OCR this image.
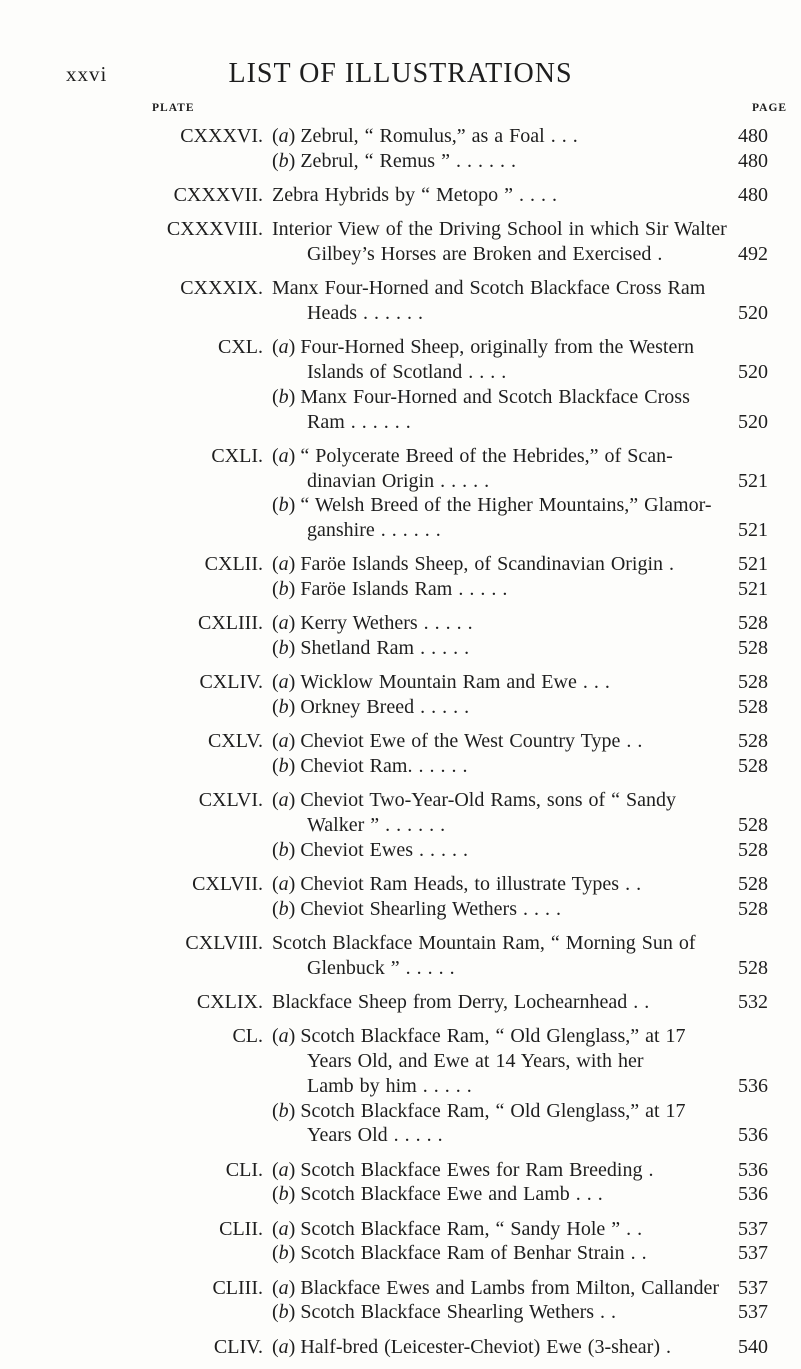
xxvi	LIST OF ILLUSTRATIONS
PLATE	PAGE
CXXXVI. (a) Zebrul, “ Romulus,” as a Foal . . .	480
(b) Zebrul, “ Remus ” . . . . . .	480
CXXXVII. Zebra Hybrids by “ Metopo ” . . . .	480
CXXXVIII. Interior View of the Driving School in which Sir Walter
Gilbey’s Horses are Broken and Exercised .	492
CXXXIX. Manx Four-Horned and Scotch Blackface Cross Ram
Heads . . . . . .	520
CXL. (a) Four-Horned Sheep, originally from the Western
Islands of Scotland . . . .	520
(b) Manx Four-Horned and Scotch Blackface Cross
Ram . . . . . .	520
CXLI. (a) “ Polycerate Breed of the Hebrides,” of Scan-
dinavian Origin . . . . .	521
(b) “ Welsh Breed of the Higher Mountains,” Glamor-
ganshire . . . . . .	521
CXLII. (a) Faröe Islands Sheep, of Scandinavian Origin .	521
(b) Faröe Islands Ram . . . . .	521
CXLIII. (a) Kerry Wethers . . . . .	528
(b) Shetland Ram . . . . .	528
CXLIV. (a) Wicklow Mountain Ram and Ewe . . .	528
(b) Orkney Breed . . . . .	528
CXLV. (a) Cheviot Ewe of the West Country Type . .	528
(b) Cheviot Ram. . . . . .	528
CXLVI. (a) Cheviot Two-Year-Old Rams, sons of “ Sandy
Walker ” . . . . . .	528
(b) Cheviot Ewes . . . . .	528
CXLVII. (a) Cheviot Ram Heads, to illustrate Types . .	528
(b) Cheviot Shearling Wethers . . . .	528
CXLVIII. Scotch Blackface Mountain Ram, “ Morning Sun of
Glenbuck ” . . . . .	528
CXLIX. Blackface Sheep from Derry, Lochearnhead . .	532
CL. (a) Scotch Blackface Ram, “ Old Glenglass,” at 17
Years Old, and Ewe at 14 Years, with her
Lamb by him . . . . .	536
(b) Scotch Blackface Ram, “ Old Glenglass,” at 17
Years Old . . . . .	536
CLI. (a) Scotch Blackface Ewes for Ram Breeding .	536
(b) Scotch Blackface Ewe and Lamb . . .	536
CLII. (a) Scotch Blackface Ram, “ Sandy Hole ” . .	537
(b) Scotch Blackface Ram of Benhar Strain . .	537
CLIII. (a) Blackface Ewes and Lambs from Milton, Callander 537
(b) Scotch Blackface Shearling Wethers . .	537
CLIV. (a) Half-bred (Leicester-Cheviot) Ewe (3-shear) .	540
